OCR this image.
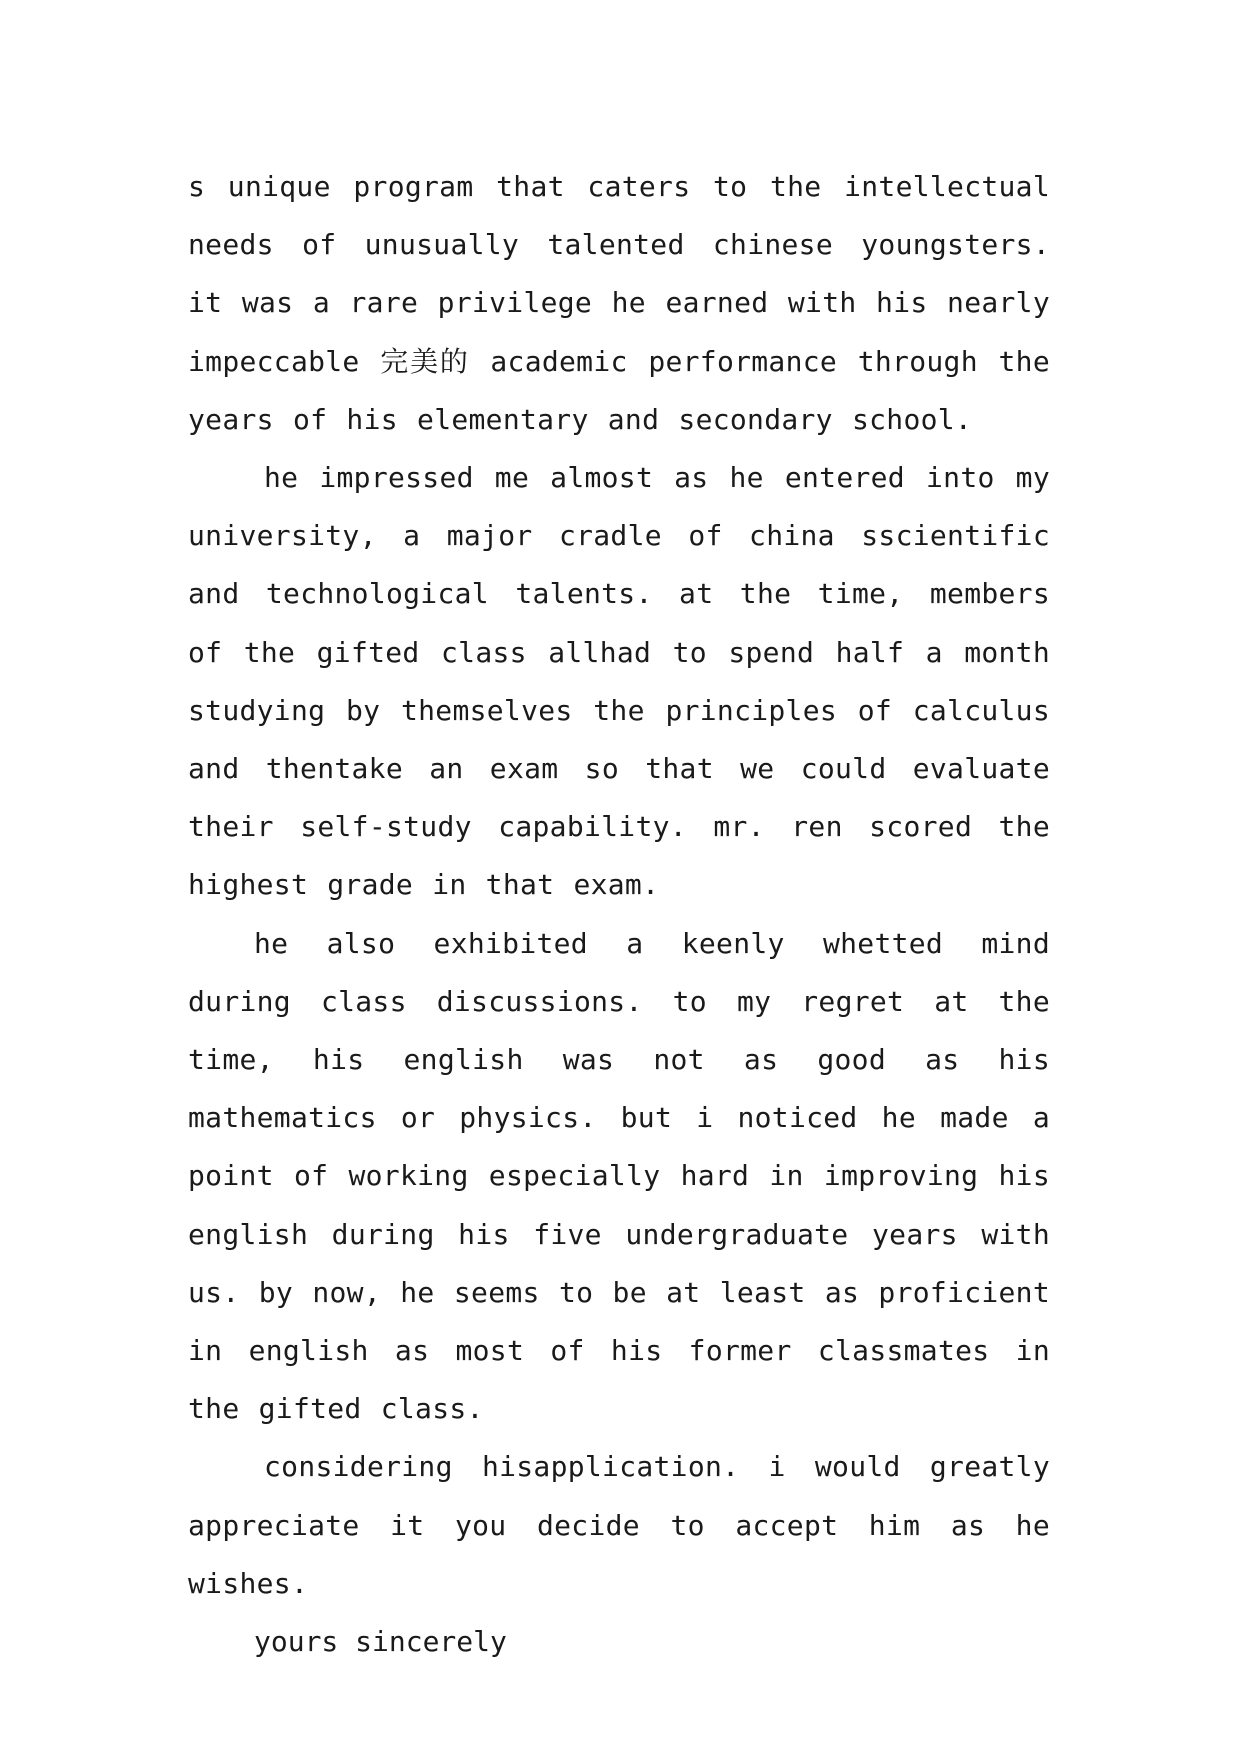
s unique program that caters to the intellectual needs of unusually talented chinese youngsters. it was a rare privilege he earned with his nearly impeccable 完美的 academic performance through the years of his elementary and secondary school.

he impressed me almost as he entered into my university, a major cradle of china sscientific and technological talents. at the time, members of the gifted class allhad to spend half a month studying by themselves the principles of calculus and thentake an exam so that we could evaluate their self-study capability. mr. ren scored the highest grade in that exam.

he also exhibited a keenly whetted mind during class discussions. to my regret at the time, his english was not as good as his mathematics or physics. but i noticed he made a point of working especially hard in improving his english during his five undergraduate years with us. by now, he seems to be at least as proficient in english as most of his former classmates in the gifted class.

considering hisapplication. i would greatly appreciate it you decide to accept him as he wishes.

yours sincerely
